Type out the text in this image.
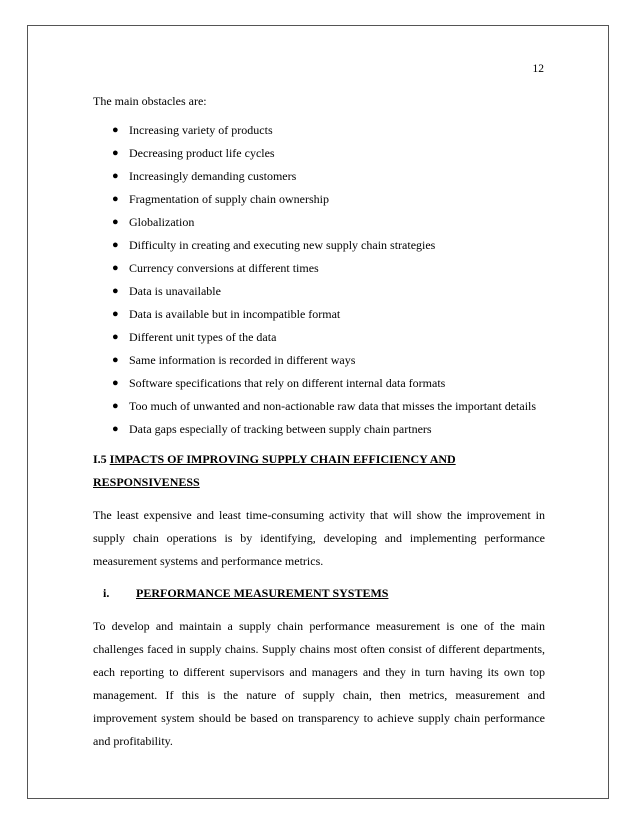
12

The main obstacles are:

● Increasing variety of products
● Decreasing product life cycles
● Increasingly demanding customers
● Fragmentation of supply chain ownership
● Globalization
● Difficulty in creating and executing new supply chain strategies
● Currency conversions at different times
● Data is unavailable
● Data is available but in incompatible format
● Different unit types of the data
● Same information is recorded in different ways
● Software specifications that rely on different internal data formats
● Too much of unwanted and non-actionable raw data that misses the important details
● Data gaps especially of tracking between supply chain partners
I.5 IMPACTS OF IMPROVING SUPPLY CHAIN EFFICIENCY AND RESPONSIVENESS

The least expensive and least time-consuming activity that will show the improvement in supply chain operations is by identifying, developing and implementing performance measurement systems and performance metrics.

i. PERFORMANCE MEASUREMENT SYSTEMS

To develop and maintain a supply chain performance measurement is one of the main challenges faced in supply chains. Supply chains most often consist of different departments, each reporting to different supervisors and managers and they in turn having its own top management. If this is the nature of supply chain, then metrics, measurement and improvement system should be based on transparency to achieve supply chain performance and profitability.
